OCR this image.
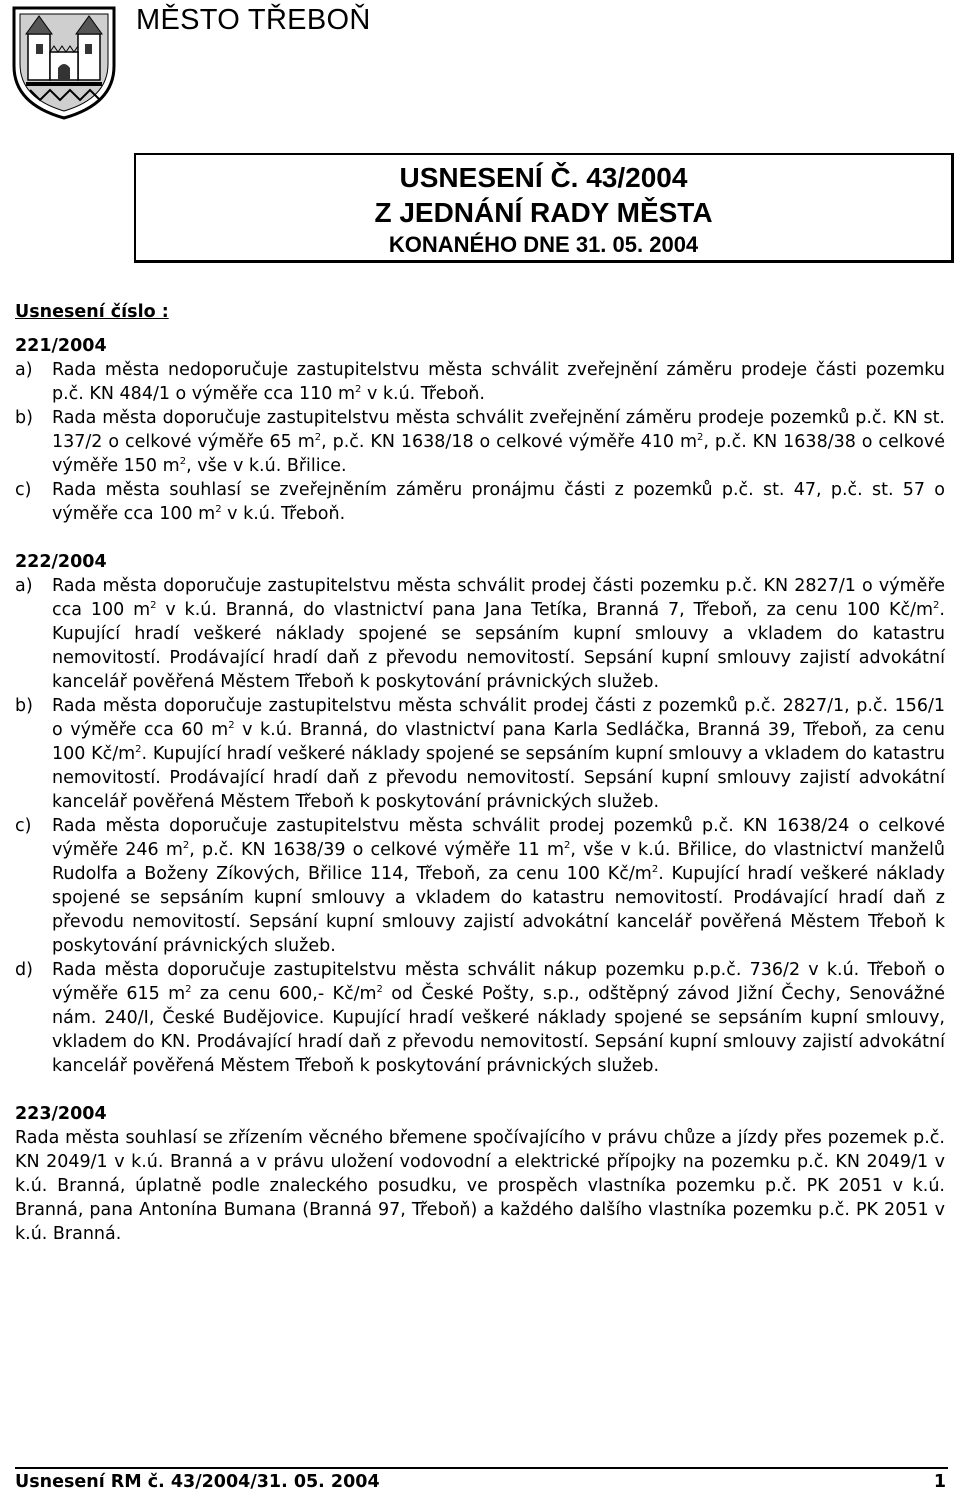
MĚSTO TŘEBOŇ
USNESENÍ Č. 43/2004
Z JEDNÁNÍ RADY MĚSTA
KONANÉHO DNE 31. 05. 2004
Usnesení číslo :
221/2004
a) Rada města nedoporučuje zastupitelstvu města schválit zveřejnění záměru prodeje části pozemku p.č. KN 484/1 o výměře cca 110 $m^2$ v k.ú. Třeboň.
b) Rada města doporučuje zastupitelstvu města schválit zveřejnění záměru prodeje pozemků p.č. KN st. 137/2 o celkové výměře 65 $m^2$, p.č. KN 1638/18 o celkové výměře 410 $m^2$, p.č. KN 1638/38 o celkové výměře 150 $m^2$, vše v k.ú. Břilice.
c) Rada města souhlasí se zveřejněním záměru pronájmu části z pozemků p.č. st. 47, p.č. st. 57 o výměře cca 100 $m^2$ v k.ú. Třeboň.
222/2004
a) Rada města doporučuje zastupitelstvu města schválit prodej části pozemku p.č. KN 2827/1 o výměře cca 100 $m^2$ v k.ú. Branná, do vlastnictví pana Jana Tetíka, Branná 7, Třeboň, za cenu 100 $Kč/m^2$. Kupující hradí veškeré náklady spojené se sepsáním kupní smlouvy a vkladem do katastru nemovitostí. Prodávající hradí daň z převodu nemovitostí. Sepsání kupní smlouvy zajistí advokátní kancelář pověřená Městem Třeboň k poskytování právnických služeb.
b) Rada města doporučuje zastupitelstvu města schválit prodej části z pozemků p.č. 2827/1, p.č. 156/1 o výměře cca 60 $m^2$ v k.ú. Branná, do vlastnictví pana Karla Sedláčka, Branná 39, Třeboň, za cenu 100 $Kč/m^2$. Kupující hradí veškeré náklady spojené se sepsáním kupní smlouvy a vkladem do katastru nemovitostí. Prodávající hradí daň z převodu nemovitostí. Sepsání kupní smlouvy zajistí advokátní kancelář pověřená Městem Třeboň k poskytování právnických služeb.
c) Rada města doporučuje zastupitelstvu města schválit prodej pozemků p.č. KN 1638/24 o celkové výměře 246 $m^2$, p.č. KN 1638/39 o celkové výměře 11 $m^2$, vše v k.ú. Břilice, do vlastnictví manželů Rudolfa a Boženy Zíkových, Břilice 114, Třeboň, za cenu 100 $Kč/m^2$. Kupující hradí veškeré náklady spojené se sepsáním kupní smlouvy a vkladem do katastru nemovitostí. Prodávající hradí daň z převodu nemovitostí. Sepsání kupní smlouvy zajistí advokátní kancelář pověřená Městem Třeboň k poskytování právnických služeb.
d) Rada města doporučuje zastupitelstvu města schválit nákup pozemku p.p.č. 736/2 v k.ú. Třeboň o výměře 615 $m^2$ za cenu 600,- $Kč/m^2$ od České Pošty, s.p., odštěpný závod Jižní Čechy, Senovážné nám. 240/I, České Budějovice. Kupující hradí veškeré náklady spojené se sepsáním kupní smlouvy, vkladem do KN. Prodávající hradí daň z převodu nemovitostí. Sepsání kupní smlouvy zajistí advokátní kancelář pověřená Městem Třeboň k poskytování právnických služeb.
223/2004
Rada města souhlasí se zřízením věcného břemene spočívajícího v právu chůze a jízdy přes pozemek p.č. KN 2049/1 v k.ú. Branná a v právu uložení vodovodní a elektrické přípojky na pozemku p.č. KN 2049/1 v k.ú. Branná, úplatně podle znaleckého posudku, ve prospěch vlastníka pozemku p.č. PK 2051 v k.ú. Branná, pana Antonína Bumana (Branná 97, Třeboň) a každého dalšího vlastníka pozemku p.č. PK 2051 v k.ú. Branná.
Usnesení RM č. 43/2004/31. 05. 2004	1
